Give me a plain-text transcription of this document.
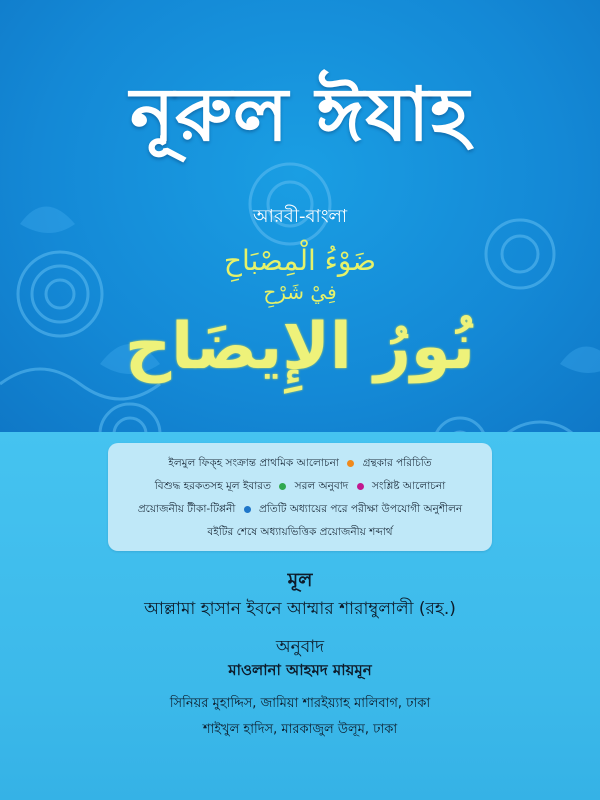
নূরুল ঈযাহ
আরবী-বাংলা
ضَوْءُ الْمِصْبَاحِ
فِيْ شَرْحِ
نُورُ الإِيضَاح
ইলমুল ফিক্হ সংক্রান্ত প্রাথমিক আলোচনা গ্রন্থকার পরিচিতি
বিশুদ্ধ হরকতসহ মূল ইবারত সরল অনুবাদ সংশ্লিষ্ট আলোচনা
প্রয়োজনীয় টীকা-টিপ্পনী প্রতিটি অধ্যায়ের পরে পরীক্ষা উপযোগী অনুশীলন
বইটির শেষে অধ্যায়ভিত্তিক প্রয়োজনীয় শব্দার্থ
মূল
আল্লামা হাসান ইবনে আম্মার শারাম্বুলালী (রহ.)
অনুবাদ
মাওলানা আহমদ মায়মূন
সিনিয়র মুহাদ্দিস, জামিয়া শারইয়্যাহ মালিবাগ, ঢাকা
শাইখুল হাদিস, মারকাজুল উলূম, ঢাকা
